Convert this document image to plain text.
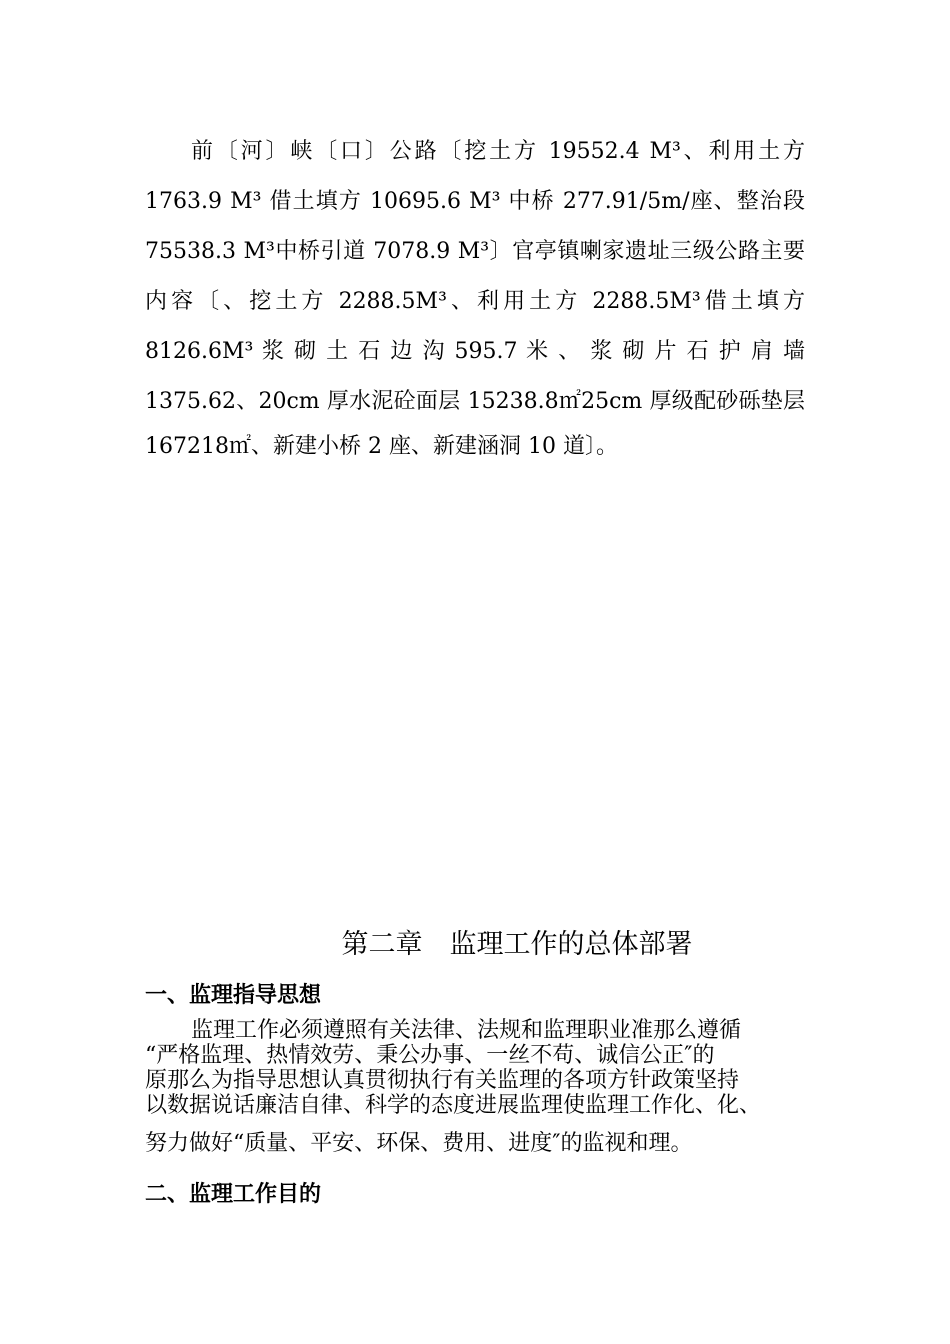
前〔河〕峡〔口〕公路〔挖土方 19552.4 M³、利用土方
1763.9 M³ 借土填方 10695.6 M³ 中桥 277.91/5m/座、整治段
75538.3 M³中桥引道 7078.9 M³〕官亭镇喇家遗址三级公路主要
内容〔、挖土方 2288.5M³、利用土方 2288.5M³借土填方
8126.6M³ 浆 砌 土 石 边 沟 595.7 米 、 浆 砌 片 石 护 肩 墙
1375.62、20cm 厚水泥砼面层 15238.8㎡25cm 厚级配砂砾垫层
167218㎡、新建小桥 2 座、新建涵洞 10 道〕。
第二章　监理工作的总体部署
一、监理指导思想
监理工作必须遵照有关法律、法规和监理职业准那么遵循
“严格监理、热情效劳、秉公办事、一丝不苟、诚信公正″的
原那么为指导思想认真贯彻执行有关监理的各项方针政策坚持
以数据说话廉洁自律、科学的态度进展监理使监理工作化、化、
努力做好“质量、平安、环保、费用、进度″的监视和理。
二、监理工作目的
